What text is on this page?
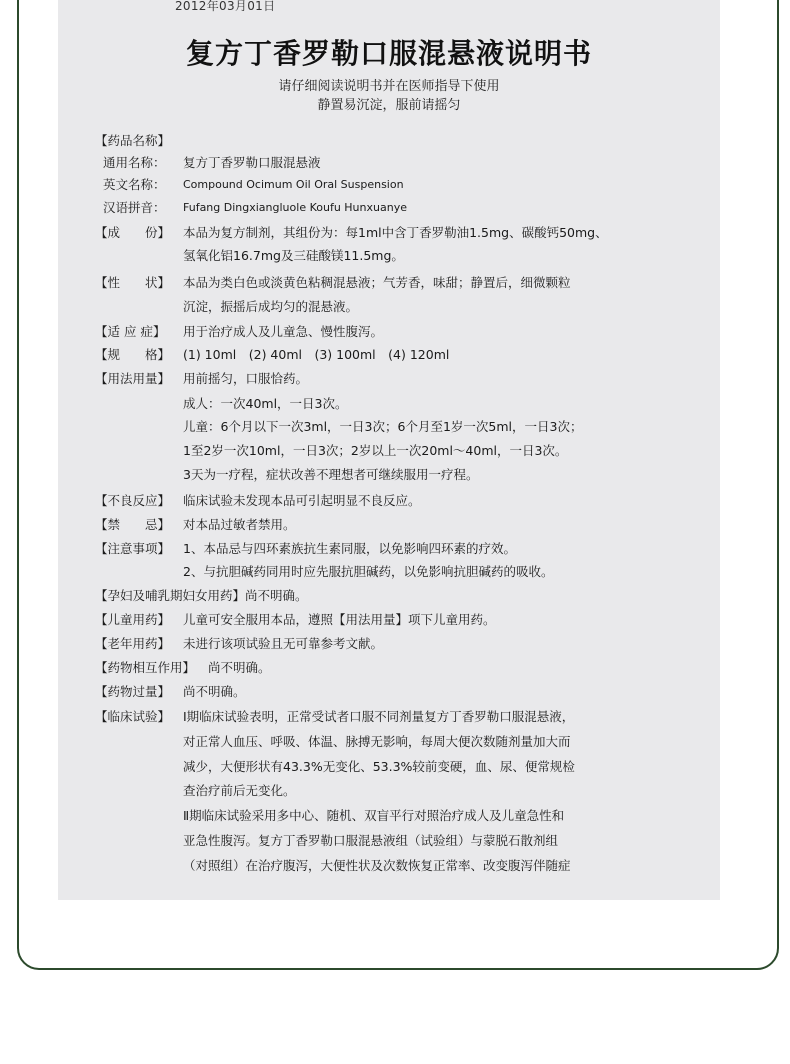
2012年03月01日
复方丁香罗勒口服混悬液说明书
请仔细阅读说明书并在医师指导下使用
静置易沉淀，服前请摇匀
【药品名称】
通用名称： 复方丁香罗勒口服混悬液
英文名称： Compound Ocimum Oil Oral Suspension
汉语拼音： Fufang Dingxiangluole Koufu Hunxuanye
【成　　份】 本品为复方制剂，其组份为：每1ml中含丁香罗勒油1.5mg、碳酸钙50mg、
氢氧化铝16.7mg及三硅酸镁11.5mg。
【性　　状】 本品为类白色或淡黄色粘稠混悬液；气芳香，味甜；静置后，细微颗粒
沉淀，振摇后成均匀的混悬液。
【适 应 症】 用于治疗成人及儿童急、慢性腹泻。
【规　　格】 (1) 10ml　(2) 40ml　(3) 100ml　(4) 120ml
【用法用量】 用前摇匀，口服恰药。
成人：一次40ml，一日3次。
儿童：6个月以下一次3ml，一日3次；6个月至1岁一次5ml，一日3次；
1至2岁一次10ml，一日3次；2岁以上一次20ml～40ml，一日3次。
3天为一疗程，症状改善不理想者可继续服用一疗程。
【不良反应】 临床试验未发现本品可引起明显不良反应。
【禁　　忌】 对本品过敏者禁用。
【注意事项】 1、本品忌与四环素族抗生素同服，以免影响四环素的疗效。
2、与抗胆碱药同用时应先服抗胆碱药，以免影响抗胆碱药的吸收。
【孕妇及哺乳期妇女用药】 尚不明确。
【儿童用药】 儿童可安全服用本品，遵照【用法用量】项下儿童用药。
【老年用药】 未进行该项试验且无可靠参考文献。
【药物相互作用】 尚不明确。
【药物过量】 尚不明确。
【临床试验】 Ⅰ期临床试验表明，正常受试者口服不同剂量复方丁香罗勒口服混悬液，
对正常人血压、呼吸、体温、脉搏无影响，每周大便次数随剂量加大而
减少，大便形状有43.3%无变化、53.3%较前变硬，血、尿、便常规检
查治疗前后无变化。
Ⅱ期临床试验采用多中心、随机、双盲平行对照治疗成人及儿童急性和
亚急性腹泻。复方丁香罗勒口服混悬液组（试验组）与蒙脱石散剂组
（对照组）在治疗腹泻，大便性状及次数恢复正常率、改变腹泻伴随症
